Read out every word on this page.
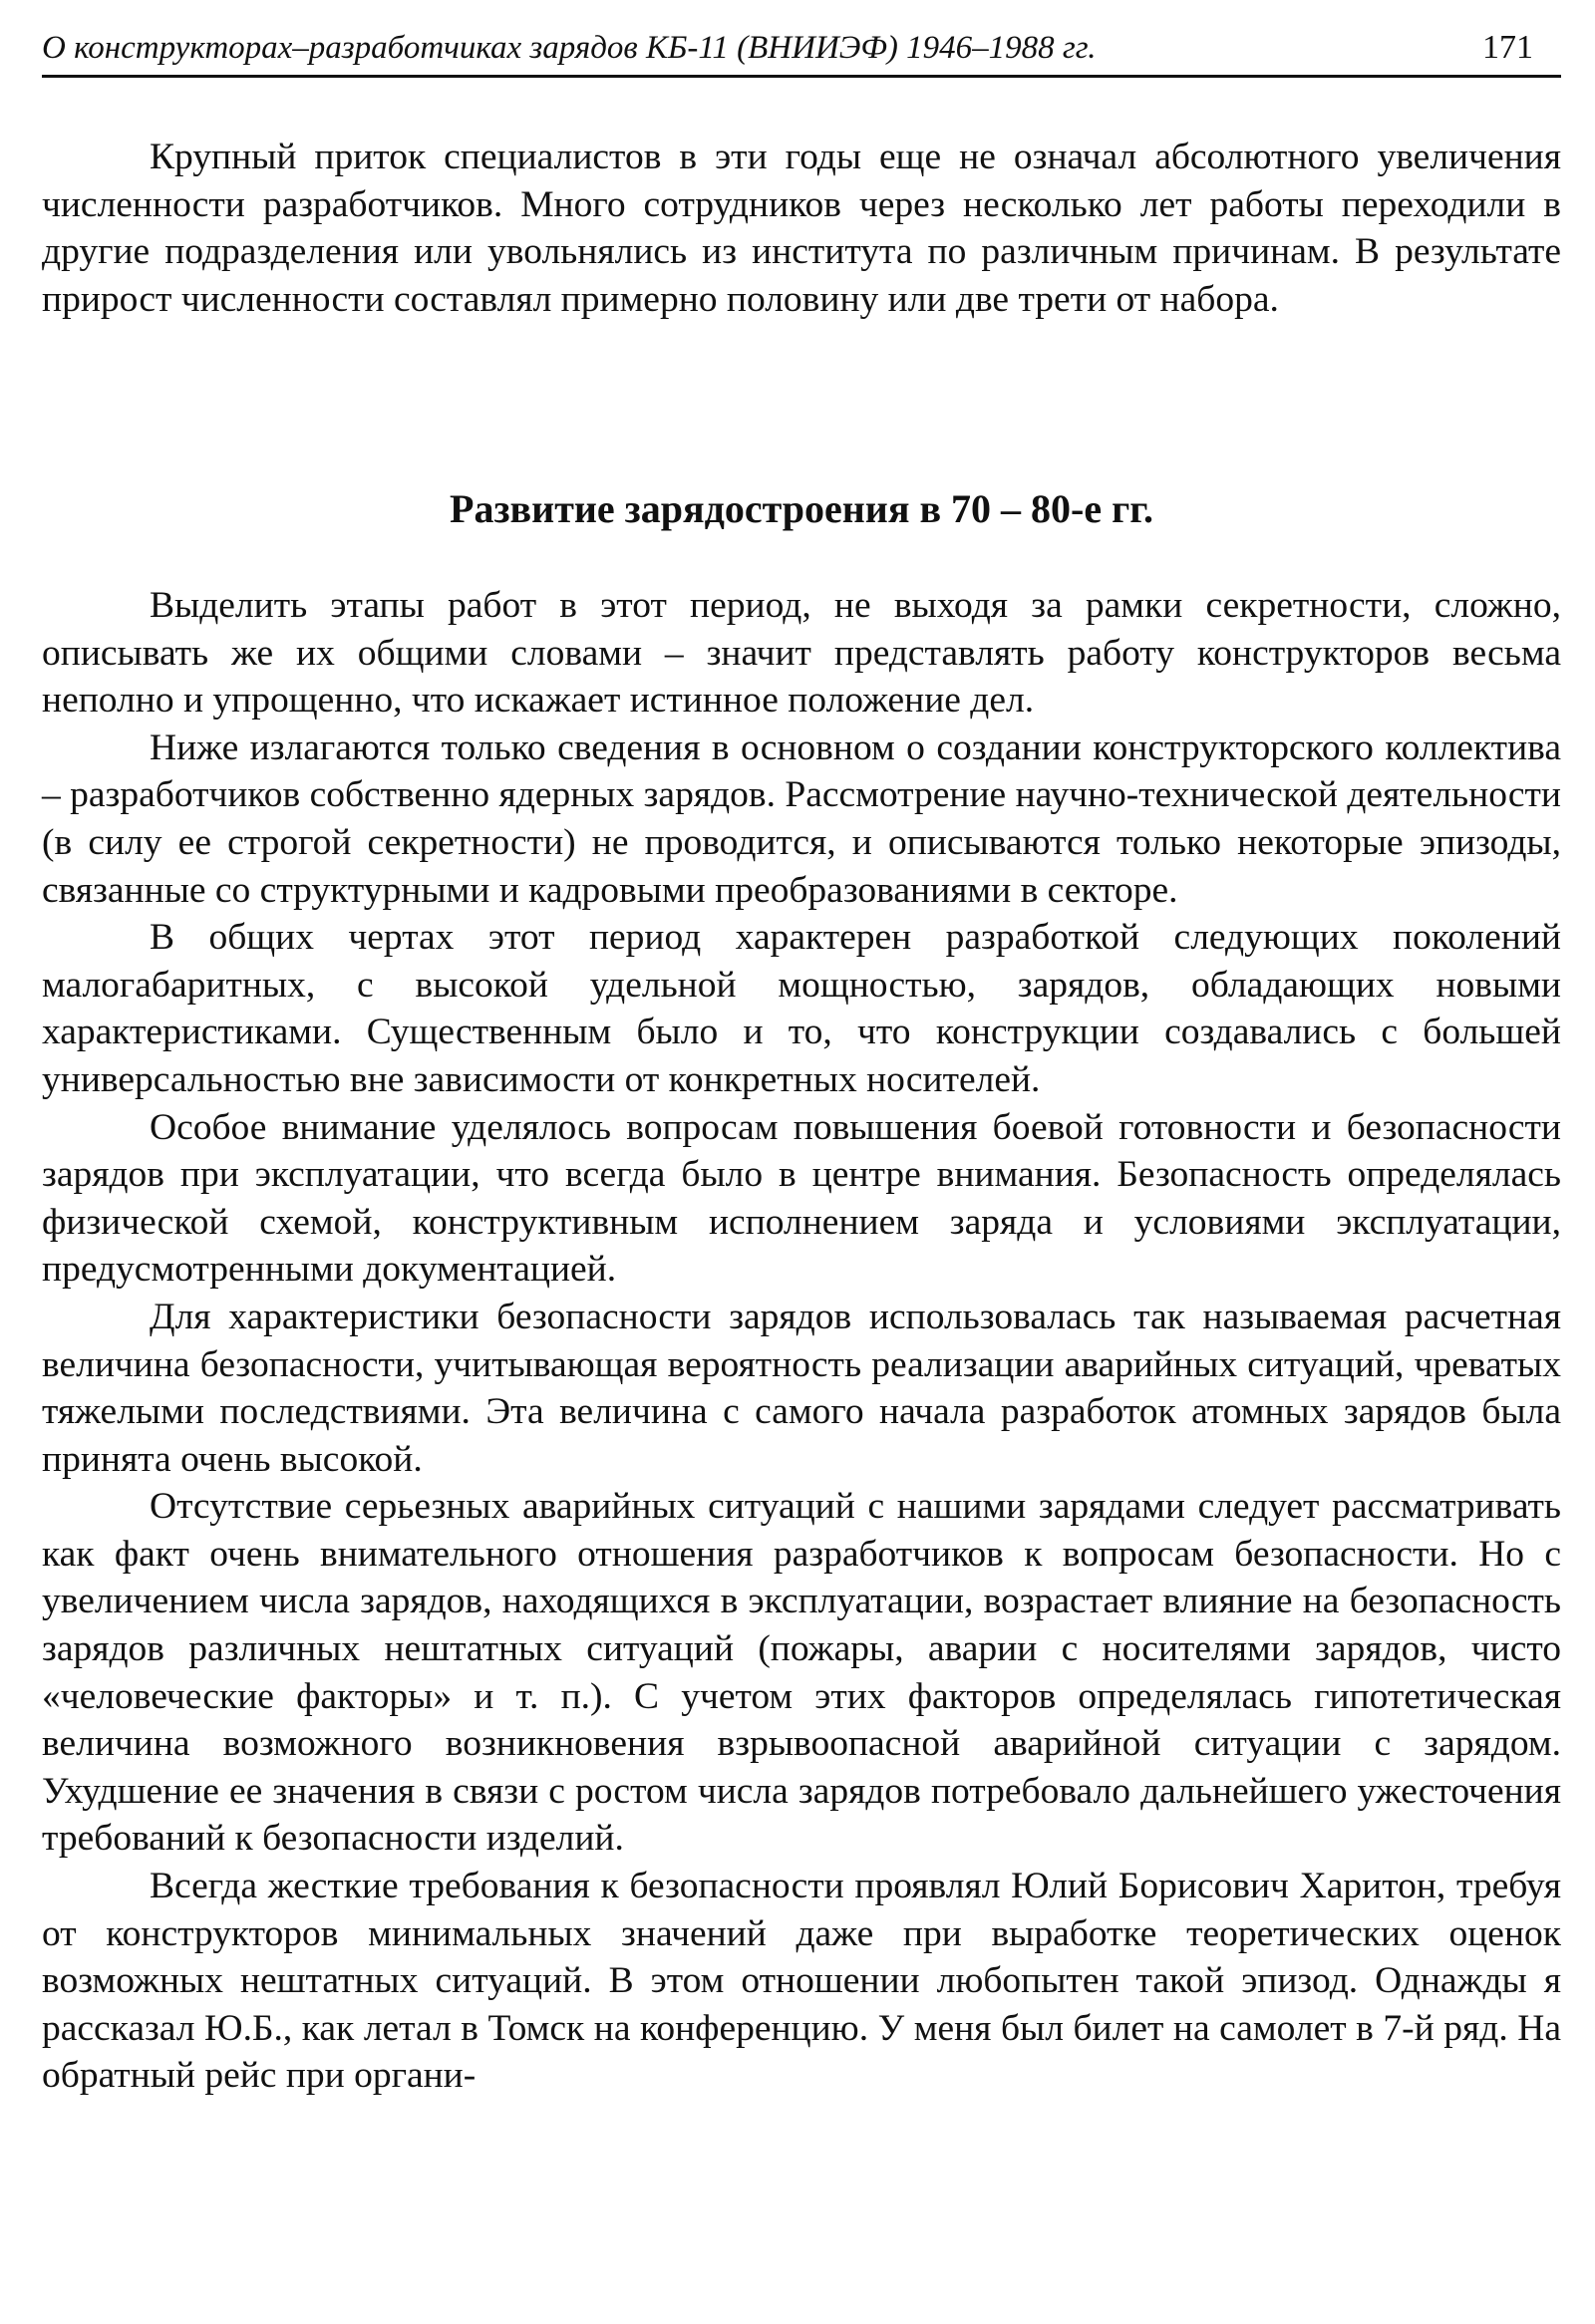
О конструкторах–разработчиках зарядов КБ-11 (ВНИИЭФ) 1946–1988 гг.	171

Крупный приток специалистов в эти годы еще не означал абсолютного увеличения численности разработчиков. Много сотрудников через несколько лет работы переходили в другие подразделения или увольнялись из института по различным причинам. В результате прирост численности составлял примерно половину или две трети от набора.

Развитие зарядостроения в 70 – 80-е гг.

Выделить этапы работ в этот период, не выходя за рамки секретности, сложно, описывать же их общими словами – значит представлять работу конструкторов весьма неполно и упрощенно, что искажает истинное положение дел.

Ниже излагаются только сведения в основном о создании конструкторского коллектива – разработчиков собственно ядерных зарядов. Рассмотрение научно-технической деятельности (в силу ее строгой секретности) не проводится, и описываются только некоторые эпизоды, связанные со структурными и кадровыми преобразованиями в секторе.

В общих чертах этот период характерен разработкой следующих поколений малогабаритных, с высокой удельной мощностью, зарядов, обладающих новыми характеристиками. Существенным было и то, что конструкции создавались с большей универсальностью вне зависимости от конкретных носителей.

Особое внимание уделялось вопросам повышения боевой готовности и безопасности зарядов при эксплуатации, что всегда было в центре внимания. Безопасность определялась физической схемой, конструктивным исполнением заряда и условиями эксплуатации, предусмотренными документацией.

Для характеристики безопасности зарядов использовалась так называемая расчетная величина безопасности, учитывающая вероятность реализации аварийных ситуаций, чреватых тяжелыми последствиями. Эта величина с самого начала разработок атомных зарядов была принята очень высокой.

Отсутствие серьезных аварийных ситуаций с нашими зарядами следует рассматривать как факт очень внимательного отношения разработчиков к вопросам безопасности. Но с увеличением числа зарядов, находящихся в эксплуатации, возрастает влияние на безопасность зарядов различных нештатных ситуаций (пожары, аварии с носителями зарядов, чисто «человеческие факторы» и т. п.). С учетом этих факторов определялась гипотетическая величина возможного возникновения взрывоопасной аварийной ситуации с зарядом. Ухудшение ее значения в связи с ростом числа зарядов потребовало дальнейшего ужесточения требований к безопасности изделий.

Всегда жесткие требования к безопасности проявлял Юлий Борисович Харитон, требуя от конструкторов минимальных значений даже при выработке теоретических оценок возможных нештатных ситуаций. В этом отношении любопытен такой эпизод. Однажды я рассказал Ю.Б., как летал в Томск на конференцию. У меня был билет на самолет в 7-й ряд. На обратный рейс при органи-
